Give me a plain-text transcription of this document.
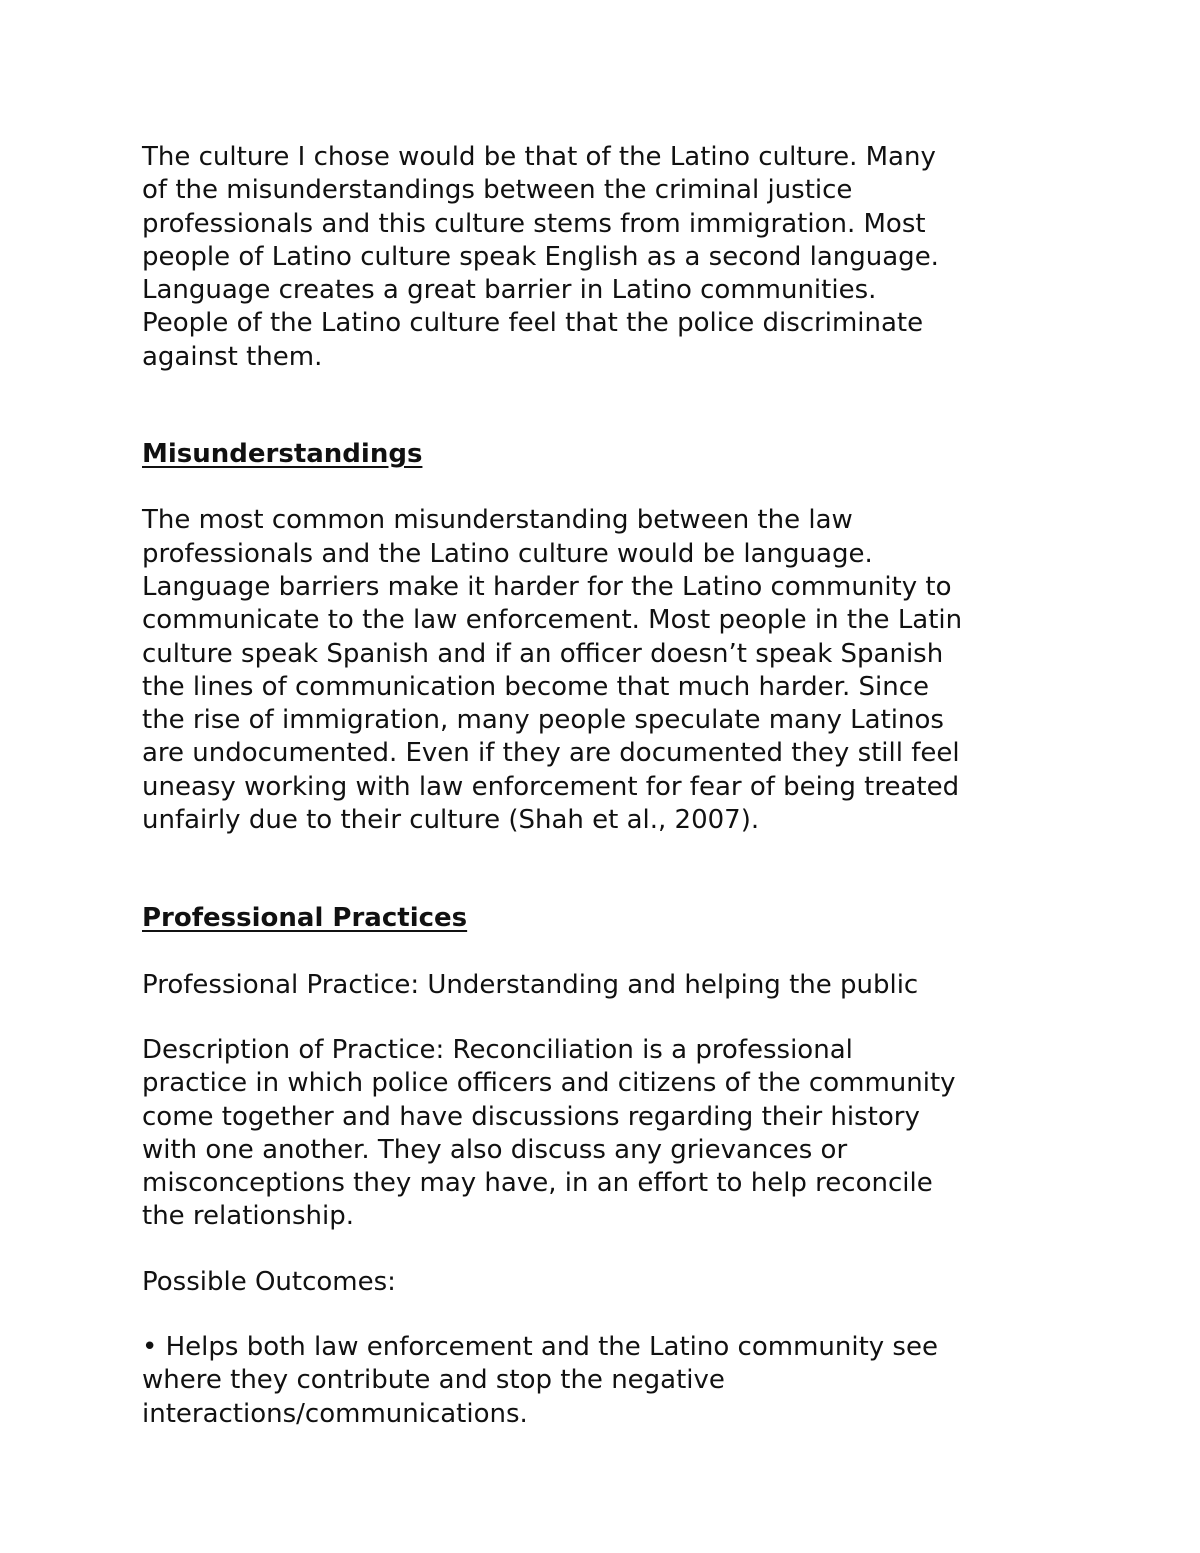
The culture I chose would be that of the Latino culture. Many
of the misunderstandings between the criminal justice
professionals and this culture stems from immigration. Most
people of Latino culture speak English as a second language.
Language creates a great barrier in Latino communities.
People of the Latino culture feel that the police discriminate
against them.

Misunderstandings

The most common misunderstanding between the law
professionals and the Latino culture would be language.
Language barriers make it harder for the Latino community to
communicate to the law enforcement. Most people in the Latin
culture speak Spanish and if an officer doesn’t speak Spanish
the lines of communication become that much harder. Since
the rise of immigration, many people speculate many Latinos
are undocumented. Even if they are documented they still feel
uneasy working with law enforcement for fear of being treated
unfairly due to their culture (Shah et al., 2007).

Professional Practices

Professional Practice: Understanding and helping the public

Description of Practice: Reconciliation is a professional
practice in which police officers and citizens of the community
come together and have discussions regarding their history
with one another. They also discuss any grievances or
misconceptions they may have, in an effort to help reconcile
the relationship.

Possible Outcomes:

• Helps both law enforcement and the Latino community see
where they contribute and stop the negative
interactions/communications.
